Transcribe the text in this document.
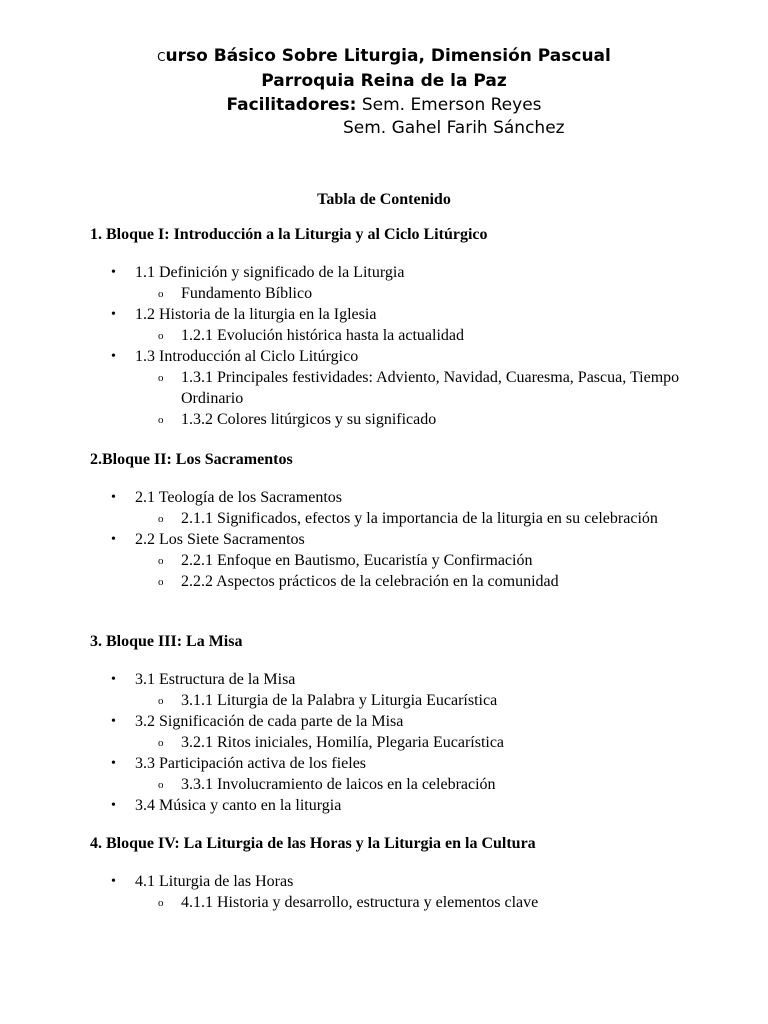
Curso Básico Sobre Liturgia, Dimensión Pascual
Parroquia Reina de la Paz
Facilitadores: Sem. Emerson Reyes
Sem. Gahel Farih Sánchez
Tabla de Contenido

1. Bloque I: Introducción a la Liturgia y al Ciclo Litúrgico

• 1.1 Definición y significado de la Liturgia
o Fundamento Bíblico
• 1.2 Historia de la liturgia en la Iglesia
o 1.2.1 Evolución histórica hasta la actualidad
• 1.3 Introducción al Ciclo Litúrgico
o 1.3.1 Principales festividades: Adviento, Navidad, Cuaresma, Pascua, Tiempo Ordinario
o 1.3.2 Colores litúrgicos y su significado

2.Bloque II: Los Sacramentos

• 2.1 Teología de los Sacramentos
o 2.1.1 Significados, efectos y la importancia de la liturgia en su celebración
• 2.2 Los Siete Sacramentos
o 2.2.1 Enfoque en Bautismo, Eucaristía y Confirmación
o 2.2.2 Aspectos prácticos de la celebración en la comunidad

3. Bloque III: La Misa

• 3.1 Estructura de la Misa
o 3.1.1 Liturgia de la Palabra y Liturgia Eucarística
• 3.2 Significación de cada parte de la Misa
o 3.2.1 Ritos iniciales, Homilía, Plegaria Eucarística
• 3.3 Participación activa de los fieles
o 3.3.1 Involucramiento de laicos en la celebración
• 3.4 Música y canto en la liturgia

4. Bloque IV: La Liturgia de las Horas y la Liturgia en la Cultura

• 4.1 Liturgia de las Horas
o 4.1.1 Historia y desarrollo, estructura y elementos clave
